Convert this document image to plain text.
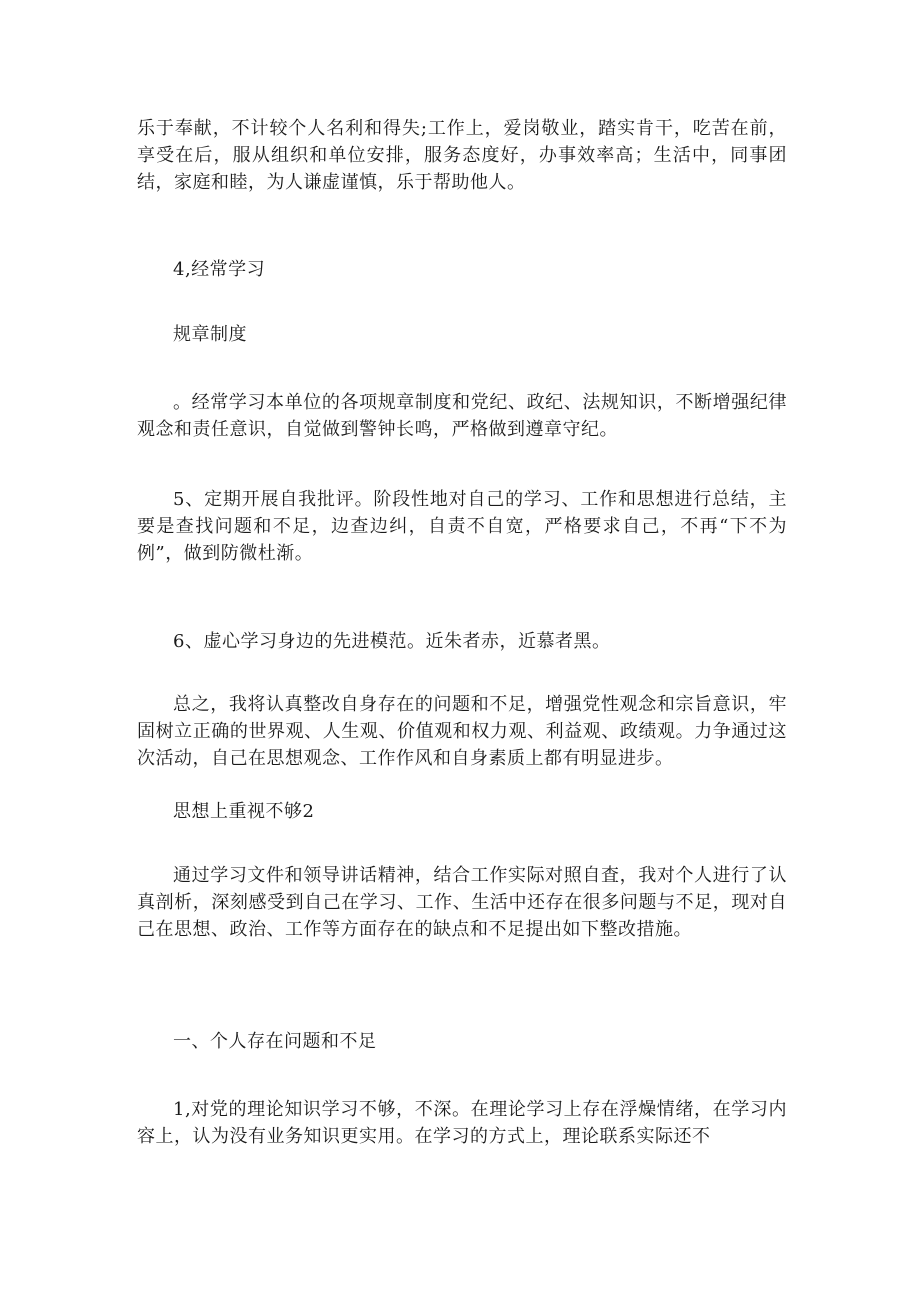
乐于奉献，不计较个人名利和得失;工作上，爱岗敬业，踏实肯干，吃苦在前，享受在后，服从组织和单位安排，服务态度好，办事效率高；生活中，同事团结，家庭和睦，为人谦虚谨慎，乐于帮助他人。

4,经常学习

规章制度

。经常学习本单位的各项规章制度和党纪、政纪、法规知识，不断增强纪律观念和责任意识，自觉做到警钟长鸣，严格做到遵章守纪。

5、定期开展自我批评。阶段性地对自己的学习、工作和思想进行总结，主要是查找问题和不足，边查边纠，自责不自宽，严格要求自己，不再“下不为例”，做到防微杜渐。

6、虚心学习身边的先进模范。近朱者赤，近慕者黑。

总之，我将认真整改自身存在的问题和不足，增强党性观念和宗旨意识，牢固树立正确的世界观、人生观、价值观和权力观、利益观、政绩观。力争通过这次活动，自己在思想观念、工作作风和自身素质上都有明显进步。

思想上重视不够2

通过学习文件和领导讲话精神，结合工作实际对照自査，我对个人进行了认真剖析，深刻感受到自己在学习、工作、生活中还存在很多问题与不足，现对自己在思想、政治、工作等方面存在的缺点和不足提出如下整改措施。

一、个人存在问题和不足

1,对党的理论知识学习不够，不深。在理论学习上存在浮燥情绪，在学习内容上，认为没有业务知识更实用。在学习的方式上，理论联系实际还不
